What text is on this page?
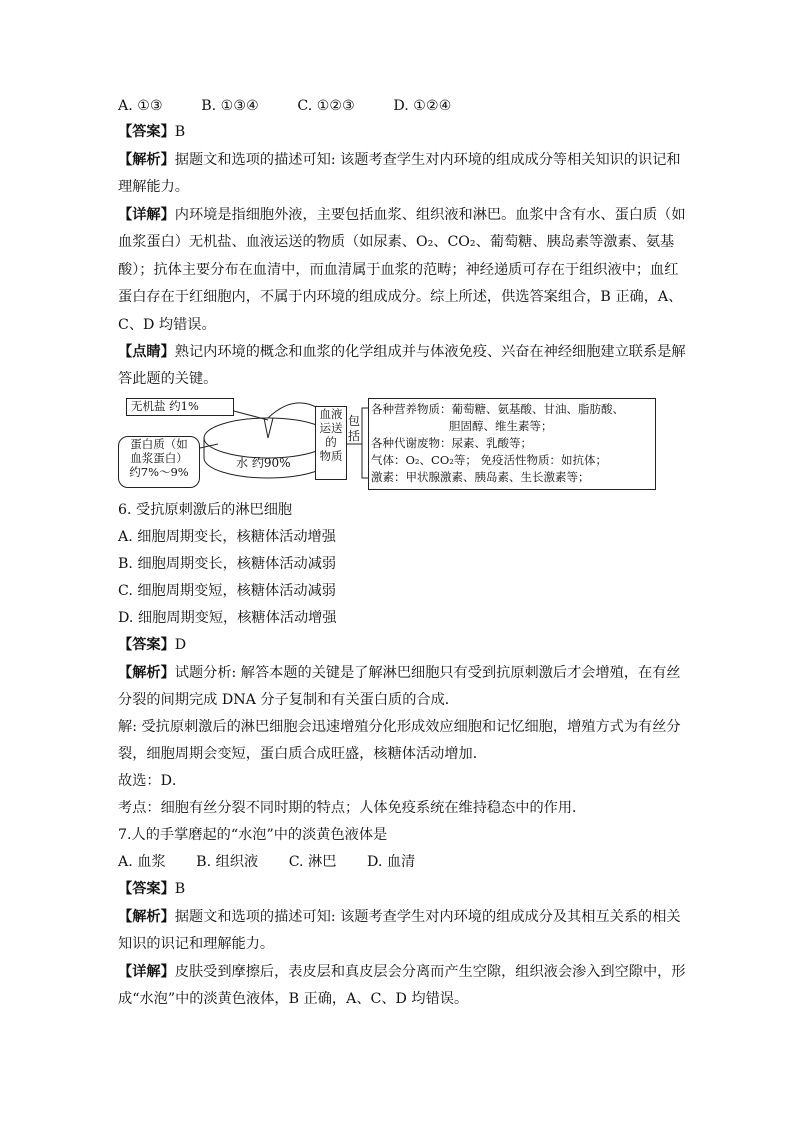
A. ①③	B. ①③④	C. ①②③	D. ①②④
【答案】B
【解析】据题文和选项的描述可知: 该题考查学生对内环境的组成成分等相关知识的识记和
理解能力。
【详解】内环境是指细胞外液，主要包括血浆、组织液和淋巴。血浆中含有水、蛋白质（如
血浆蛋白）无机盐、血液运送的物质（如尿素、O₂、CO₂、葡萄糖、胰岛素等激素、氨基
酸）；抗体主要分布在血清中，而血清属于血浆的范畴；神经递质可存在于组织液中；血红
蛋白存在于红细胞内，不属于内环境的组成成分。综上所述，供选答案组合，B 正确，A、
C、D 均错误。
【点睛】熟记内环境的概念和血浆的化学组成并与体液免疫、兴奋在神经细胞建立联系是解
答此题的关键。
无机盐 约1%
蛋白质（如
血浆蛋白）
约7%～9%
水 约90%
血液
运送
的
物质
包
括
各种营养物质：葡萄糖、氨基酸、甘油、脂肪酸、
胆固醇、维生素等；
各种代谢废物：尿素、乳酸等；
气体：O₂、CO₂等； 免疫活性物质：如抗体；
激素：甲状腺激素、胰岛素、生长激素等；
6. 受抗原刺激后的淋巴细胞
A. 细胞周期变长，核糖体活动增强
B. 细胞周期变长，核糖体活动减弱
C. 细胞周期变短，核糖体活动减弱
D. 细胞周期变短，核糖体活动增强
【答案】D
【解析】试题分析: 解答本题的关键是了解淋巴细胞只有受到抗原刺激后才会增殖，在有丝
分裂的间期完成 DNA 分子复制和有关蛋白质的合成．
解: 受抗原刺激后的淋巴细胞会迅速增殖分化形成效应细胞和记忆细胞，增殖方式为有丝分
裂，细胞周期会变短，蛋白质合成旺盛，核糖体活动增加．
故选：D．
考点：细胞有丝分裂不同时期的特点；人体免疫系统在维持稳态中的作用．
7.人的手掌磨起的“水泡”中的淡黄色液体是
A. 血浆 B. 组织液 C. 淋巴 D. 血清
【答案】B
【解析】据题文和选项的描述可知: 该题考查学生对内环境的组成成分及其相互关系的相关
知识的识记和理解能力。
【详解】皮肤受到摩擦后，表皮层和真皮层会分离而产生空隙，组织液会渗入到空隙中，形
成“水泡”中的淡黄色液体，B 正确，A、C、D 均错误。
